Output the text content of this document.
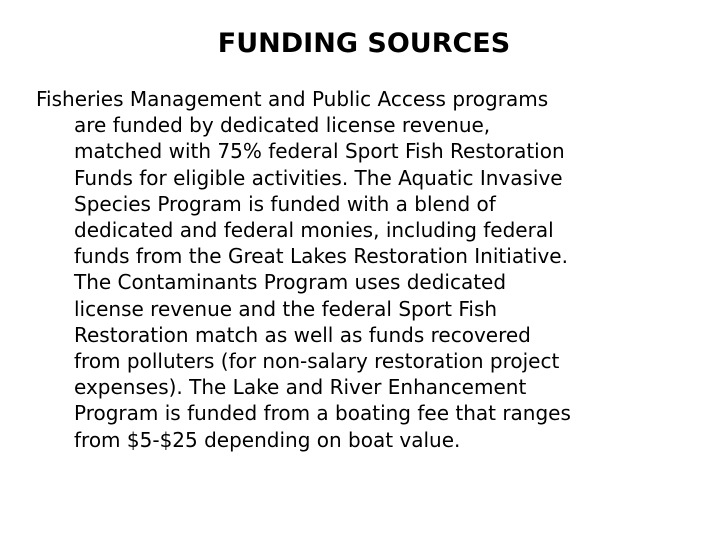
FUNDING SOURCES

Fisheries Management and Public Access programs
are funded by dedicated license revenue,
matched with 75% federal Sport Fish Restoration
Funds for eligible activities. The Aquatic Invasive
Species Program is funded with a blend of
dedicated and federal monies, including federal
funds from the Great Lakes Restoration Initiative.
The Contaminants Program uses dedicated
license revenue and the federal Sport Fish
Restoration match as well as funds recovered
from polluters (for non-salary restoration project
expenses). The Lake and River Enhancement
Program is funded from a boating fee that ranges
from $5-$25 depending on boat value.
